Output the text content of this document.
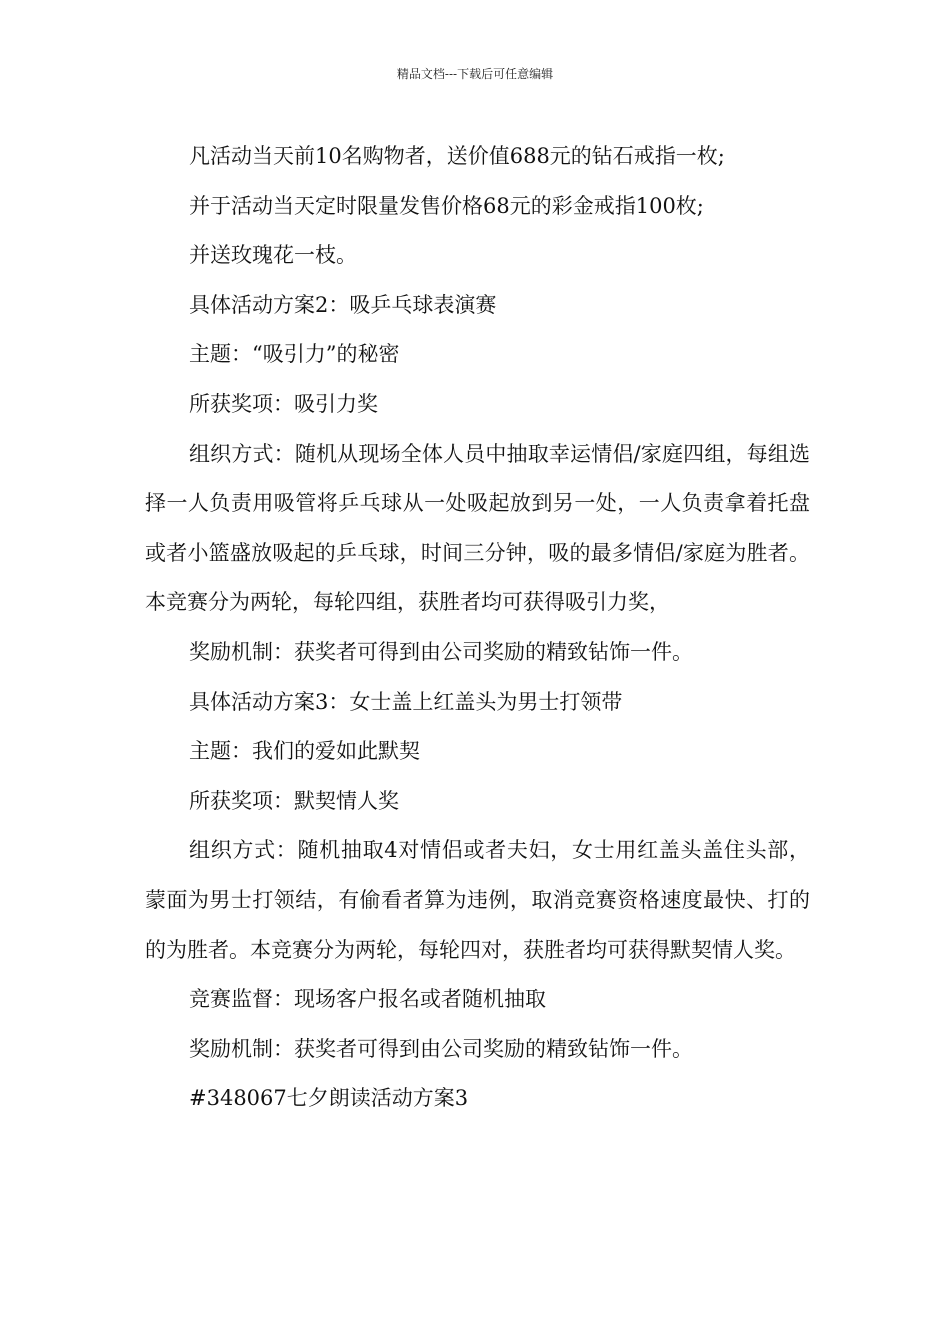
精品文档---下载后可任意编辑

凡活动当天前10名购物者，送价值688元的钻石戒指一枚;

并于活动当天定时限量发售价格68元的彩金戒指100枚;

并送玫瑰花一枝。

具体活动方案2：吸乒乓球表演赛

主题：“吸引力”的秘密

所获奖项：吸引力奖

组织方式：随机从现场全体人员中抽取幸运情侣/家庭四组，每组选择一人负责用吸管将乒乓球从一处吸起放到另一处，一人负责拿着托盘或者小篮盛放吸起的乒乓球，时间三分钟，吸的最多情侣/家庭为胜者。本竞赛分为两轮，每轮四组，获胜者均可获得吸引力奖，

奖励机制：获奖者可得到由公司奖励的精致钻饰一件。

具体活动方案3：女士盖上红盖头为男士打领带

主题：我们的爱如此默契

所获奖项：默契情人奖

组织方式：随机抽取4对情侣或者夫妇，女士用红盖头盖住头部，蒙面为男士打领结，有偷看者算为违例，取消竞赛资格速度最快、打的的为胜者。本竞赛分为两轮，每轮四对，获胜者均可获得默契情人奖。

竞赛监督：现场客户报名或者随机抽取

奖励机制：获奖者可得到由公司奖励的精致钻饰一件。

#348067七夕朗读活动方案3
